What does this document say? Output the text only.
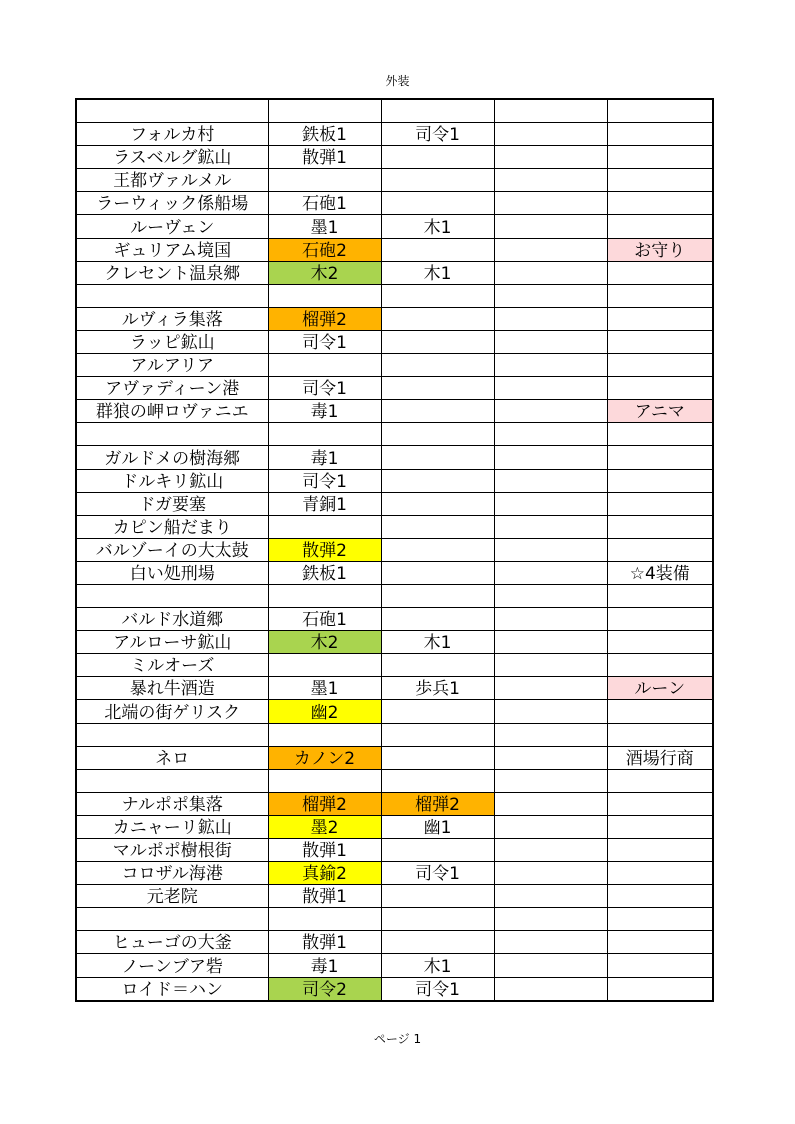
外装

フォルカ村	鉄板1	司令1		
ラスベルグ鉱山	散弾1			
王都ヴァルメル				
ラーウィック係船場	石砲1			
ルーヴェン	墨1	木1		
ギュリアム境国	石砲2			お守り
クレセント温泉郷	木2	木1		

ルヴィラ集落	榴弾2			
ラッピ鉱山	司令1			
アルアリア				
アヴァディーン港	司令1			
群狼の岬ロヴァニエ	毒1			アニマ

ガルドメの樹海郷	毒1			
ドルキリ鉱山	司令1			
ドガ要塞	青銅1			
カピン船だまり				
バルゾーイの大太鼓	散弾2			
白い処刑場	鉄板1			☆4装備

バルド水道郷	石砲1			
アルローサ鉱山	木2	木1		
ミルオーズ				
暴れ牛酒造	墨1	歩兵1		ルーン
北端の街ゲリスク	幽2			

ネロ	カノン2			酒場行商

ナルポポ集落	榴弾2	榴弾2		
カニャーリ鉱山	墨2	幽1		
マルポポ樹根街	散弾1			
コロザル海港	真鍮2	司令1		
元老院	散弾1			

ヒューゴの大釜	散弾1			
ノーンブア砦	毒1	木1		
ロイド＝ハン	司令2	司令1		
ページ 1
